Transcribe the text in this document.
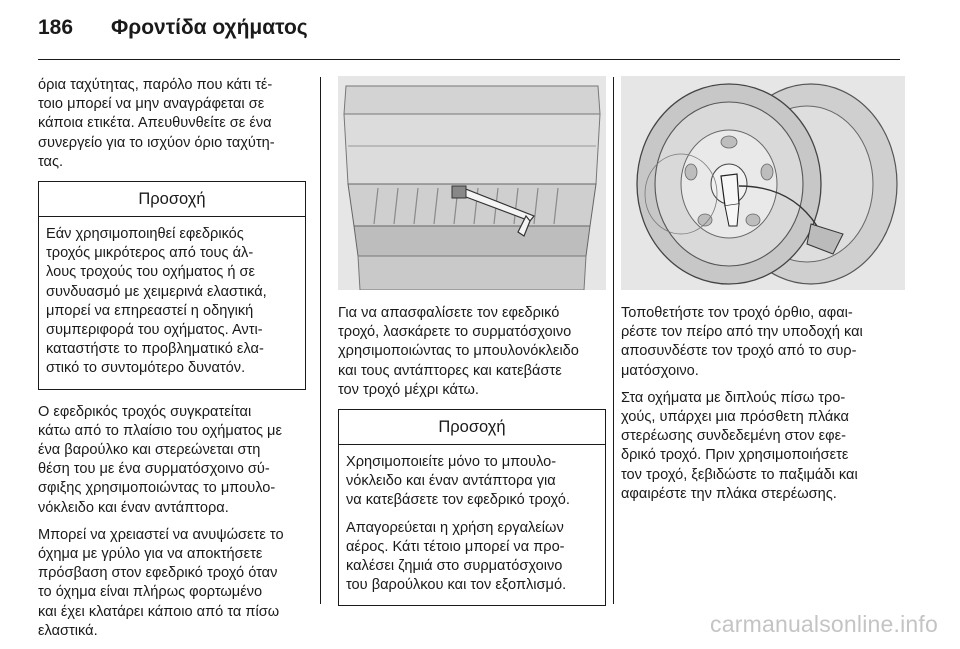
186 Φροντίδα οχήματος
όρια ταχύτητας, παρόλο που κάτι τέ-
τοιο μπορεί να μην αναγράφεται σε
κάποια ετικέτα. Απευθυνθείτε σε ένα
συνεργείο για το ισχύον όριο ταχύτη-
τας.
Προσοχή
Εάν χρησιμοποιηθεί εφεδρικός
τροχός μικρότερος από τους άλ-
λους τροχούς του οχήματος ή σε
συνδυασμό με χειμερινά ελαστικά,
μπορεί να επηρεαστεί η οδηγική
συμπεριφορά του οχήματος. Αντι-
καταστήστε το προβληματικό ελα-
στικό το συντομότερο δυνατόν.
Ο εφεδρικός τροχός συγκρατείται
κάτω από το πλαίσιο του οχήματος με
ένα βαρούλκο και στερεώνεται στη
θέση του με ένα συρματόσχοινο σύ-
σφιξης χρησιμοποιώντας το μπουλο-
νόκλειδο και έναν αντάπτορα.
Μπορεί να χρειαστεί να ανυψώσετε το
όχημα με γρύλο για να αποκτήσετε
πρόσβαση στον εφεδρικό τροχό όταν
το όχημα είναι πλήρως φορτωμένο
και έχει κλατάρει κάποιο από τα πίσω
ελαστικά.
Για να απασφαλίσετε τον εφεδρικό
τροχό, λασκάρετε το συρματόσχοινο
χρησιμοποιώντας το μπουλονόκλειδο
και τους αντάπτορες και κατεβάστε
τον τροχό μέχρι κάτω.
Προσοχή
Χρησιμοποιείτε μόνο το μπουλο-
νόκλειδο και έναν αντάπτορα για
να κατεβάσετε τον εφεδρικό τροχό.
Απαγορεύεται η χρήση εργαλείων
αέρος. Κάτι τέτοιο μπορεί να προ-
καλέσει ζημιά στο συρματόσχοινο
του βαρούλκου και τον εξοπλισμό.
Τοποθετήστε τον τροχό όρθιο, αφαι-
ρέστε τον πείρο από την υποδοχή και
αποσυνδέστε τον τροχό από το συρ-
ματόσχοινο.
Στα οχήματα με διπλούς πίσω τρο-
χούς, υπάρχει μια πρόσθετη πλάκα
στερέωσης συνδεδεμένη στον εφε-
δρικό τροχό. Πριν χρησιμοποιήσετε
τον τροχό, ξεβιδώστε το παξιμάδι και
αφαιρέστε την πλάκα στερέωσης.
carmanualsonline.info
